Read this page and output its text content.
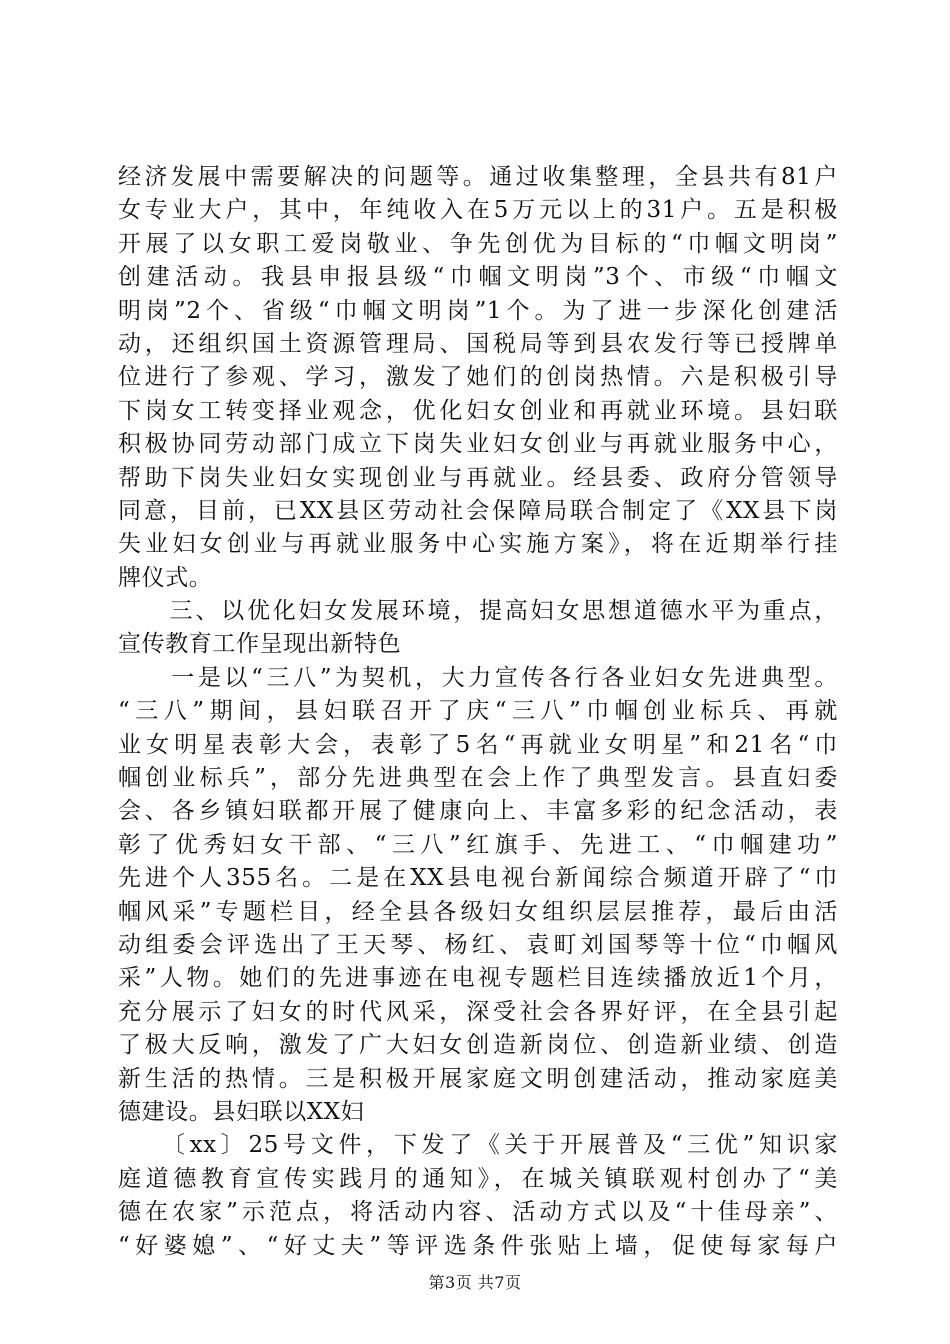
经济发展中需要解决的问题等。通过收集整理，全县共有81户
女专业大户，其中，年纯收入在5万元以上的31户。五是积极
开展了以女职工爱岗敬业、争先创优为目标的“巾帼文明岗”
创建活动。我县申报县级“巾帼文明岗”3个、市级“巾帼文
明岗”2个、省级“巾帼文明岗”1个。为了进一步深化创建活
动，还组织国土资源管理局、国税局等到县农发行等已授牌单
位进行了参观、学习，激发了她们的创岗热情。六是积极引导
下岗女工转变择业观念，优化妇女创业和再就业环境。县妇联
积极协同劳动部门成立下岗失业妇女创业与再就业服务中心，
帮助下岗失业妇女实现创业与再就业。经县委、政府分管领导
同意，目前，已XX县区劳动社会保障局联合制定了《XX县下岗
失业妇女创业与再就业服务中心实施方案》，将在近期举行挂
牌仪式。
　　三、以优化妇女发展环境，提高妇女思想道德水平为重点，
宣传教育工作呈现出新特色
　　一是以“三八”为契机，大力宣传各行各业妇女先进典型。
“三八”期间，县妇联召开了庆“三八”巾帼创业标兵、再就
业女明星表彰大会，表彰了5名“再就业女明星”和21名“巾
帼创业标兵”，部分先进典型在会上作了典型发言。县直妇委
会、各乡镇妇联都开展了健康向上、丰富多彩的纪念活动，表
彰了优秀妇女干部、“三八”红旗手、先进工、“巾帼建功”
先进个人355名。二是在XX县电视台新闻综合频道开辟了“巾
帼风采”专题栏目，经全县各级妇女组织层层推荐，最后由活
动组委会评选出了王天琴、杨红、袁町刘国琴等十位“巾帼风
采”人物。她们的先进事迹在电视专题栏目连续播放近1个月，
充分展示了妇女的时代风采，深受社会各界好评，在全县引起
了极大反响，激发了广大妇女创造新岗位、创造新业绩、创造
新生活的热情。三是积极开展家庭文明创建活动，推动家庭美
德建设。县妇联以XX妇
　　〔xx〕25号文件，下发了《关于开展普及“三优”知识家
庭道德教育宣传实践月的通知》，在城关镇联观村创办了“美
德在农家”示范点，将活动内容、活动方式以及“十佳母亲”、
“好婆媳”、“好丈夫”等评选条件张贴上墙，促使每家每户
第3页 共7页
